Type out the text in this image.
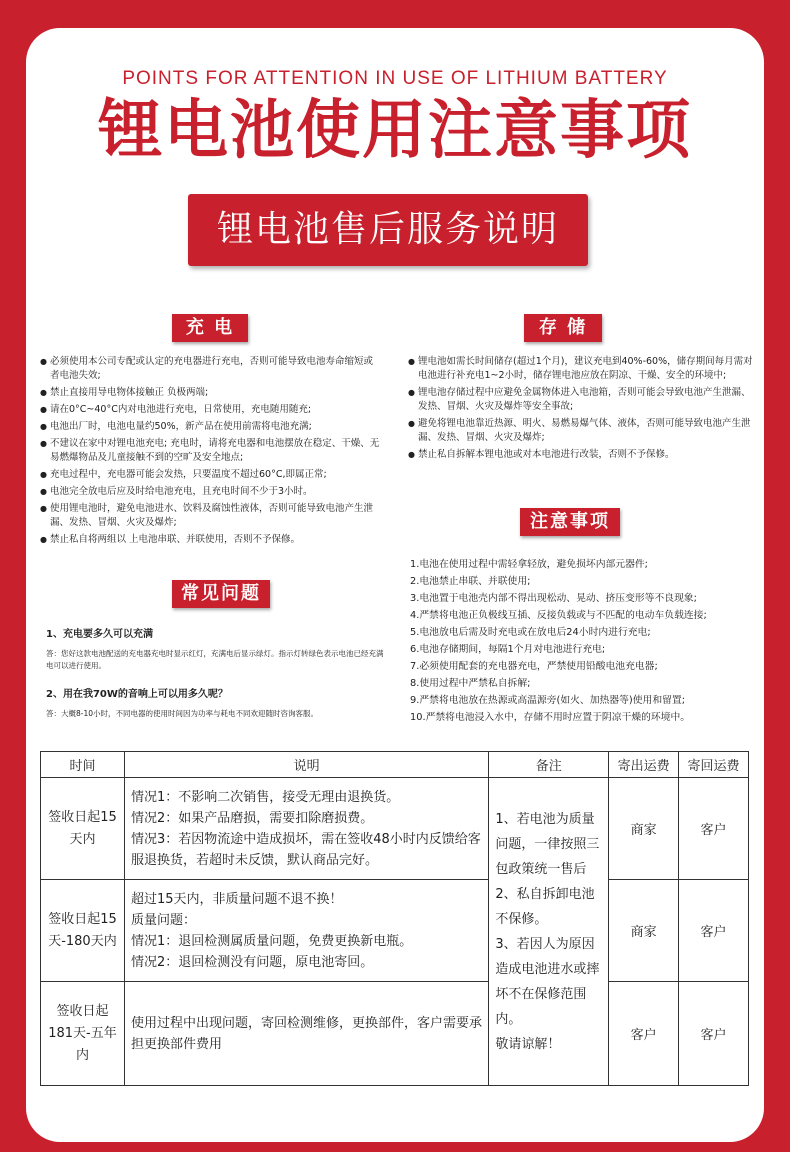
POINTS FOR ATTENTION IN USE OF LITHIUM BATTERY
锂电池使用注意事项
锂电池售后服务说明
充 电
● 必须使用本公司专配或认定的充电器进行充电，否则可能导致电池寿命缩短或者电池失效;
● 禁止直接用导电物体接触正 负极两端;
● 请在0°C~40°C内对电池进行充电，日常使用，充电随用随充;
● 电池出厂时，电池电量约50%，新产品在使用前需将电池充满;
● 不建议在家中对锂电池充电; 充电时，请将充电器和电池摆放在稳定、干燥、无易燃爆物品及儿童接触不到的空旷及安全地点;
● 充电过程中，充电器可能会发热，只要温度不超过60°C,即属正常;
● 电池完全放电后应及时给电池充电，且充电时间不少于3小时。
● 使用锂电池时，避免电池进水、饮料及腐蚀性液体，否则可能导致电池产生泄漏、发热、冒烟、火灾及爆炸;
● 禁止私自将两组以 上电池串联、并联使用，否则不予保修。
存 储
● 锂电池如需长时间储存(超过1个月)，建议充电到40%-60%，储存期间每月需对电池进行补充电1~2小时，储存锂电池应放在阴凉、干燥、安全的环境中;
● 锂电池存储过程中应避免金属物体进入电池箱，否则可能会导致电池产生泄漏、发热、冒烟、火灾及爆炸等安全事故;
● 避免将锂电池靠近热源、明火、易燃易爆气体、液体，否则可能导致电池产生泄漏、发热、冒烟、火灾及爆炸;
● 禁止私自拆解本锂电池或对本电池进行改装，否则不予保修。
注意事项
1.电池在使用过程中需轻拿轻放，避免损坏内部元器件;
2.电池禁止串联、并联使用;
3.电池置于电池壳内部不得出现松动、晃动、挤压变形等不良现象;
4.严禁将电池正负极线互插、反接负载或与不匹配的电动车负载连接;
5.电池放电后需及时充电或在放电后24小时内进行充电;
6.电池存储期间，每隔1个月对电池进行充电;
7.必须使用配套的充电器充电，严禁使用铅酸电池充电器;
8.使用过程中严禁私自拆解;
9.严禁将电池放在热源或高温源旁(如火、加热器等)使用和留置;
10.严禁将电池浸入水中，存储不用时应置于阴凉干燥的环境中。
常见问题
1、充电要多久可以充满
答：您好这款电池配送的充电器充电时显示红灯，充满电后显示绿灯。指示灯转绿色表示电池已经充满电可以进行使用。
2、用在我70W的音响上可以用多久呢？
答：大概8-10小时，不同电器的使用时间因为功率与耗电不同欢迎随时咨询客服。
时间	说明	备注	寄出运费	寄回运费
签收日起15天内	情况1：不影响二次销售，接受无理由退换货。
情况2：如果产品磨损，需要扣除磨损费。
情况3：若因物流途中造成损坏，需在签收48小时内反馈给客服退换货，若超时未反馈，默认商品完好。	1、若电池为质量问题，一律按照三包政策统一售后
2、私自拆卸电池不保修。
3、若因人为原因造成电池进水或摔坏不在保修范围内。
敬请谅解！	商家	客户
签收日起15天-180天内	超过15天内，非质量问题不退不换！
质量问题：
情况1：退回检测属质量问题，免费更换新电瓶。
情况2：退回检测没有问题，原电池寄回。		商家	客户
签收日起181天-五年内	使用过程中出现问题，寄回检测维修，更换部件，客户需要承担更换部件费用		客户	客户
